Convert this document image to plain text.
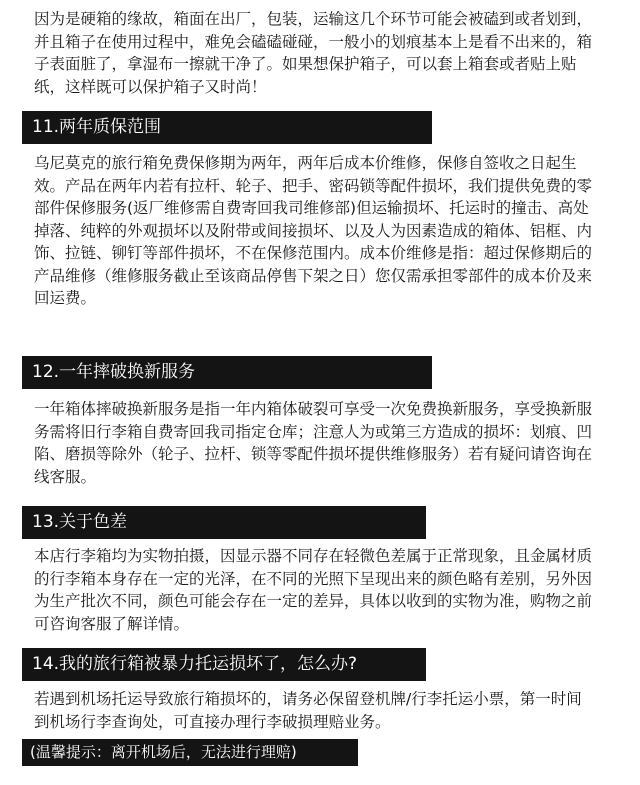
因为是硬箱的缘故，箱面在出厂，包装，运输这几个环节可能会被磕到或者划到，并且箱子在使用过程中，难免会磕磕碰碰，一般小的划痕基本上是看不出来的，箱子表面脏了，拿湿布一擦就干净了。如果想保护箱子，可以套上箱套或者贴上贴纸，这样既可以保护箱子又时尚！

11.两年质保范围

乌尼莫克的旅行箱免费保修期为两年，两年后成本价维修，保修自签收之日起生效。产品在两年内若有拉杆、轮子、把手、密码锁等配件损坏，我们提供免费的零部件保修服务(返厂维修需自费寄回我司维修部)但运输损坏、托运时的撞击、高处掉落、纯粹的外观损坏以及附带或间接损坏、以及人为因素造成的箱体、铝框、内饰、拉链、铆钉等部件损坏，不在保修范围内。成本价维修是指：超过保修期后的产品维修（维修服务截止至该商品停售下架之日）您仅需承担零部件的成本价及来回运费。

12.一年摔破换新服务

一年箱体摔破换新服务是指一年内箱体破裂可享受一次免费换新服务，享受换新服务需将旧行李箱自费寄回我司指定仓库；注意人为或第三方造成的损坏：划痕、凹陷、磨损等除外（轮子、拉杆、锁等零配件损坏提供维修服务）若有疑问请咨询在线客服。

13.关于色差

本店行李箱均为实物拍摄，因显示器不同存在轻微色差属于正常现象，且金属材质的行李箱本身存在一定的光泽，在不同的光照下呈现出来的颜色略有差别，另外因为生产批次不同，颜色可能会存在一定的差异，具体以收到的实物为准，购物之前可咨询客服了解详情。

14.我的旅行箱被暴力托运损坏了，怎么办?

若遇到机场托运导致旅行箱损坏的，请务必保留登机牌/行李托运小票，第一时间到机场行李查询处，可直接办理行李破损理赔业务。

(温馨提示：离开机场后，无法进行理赔)
